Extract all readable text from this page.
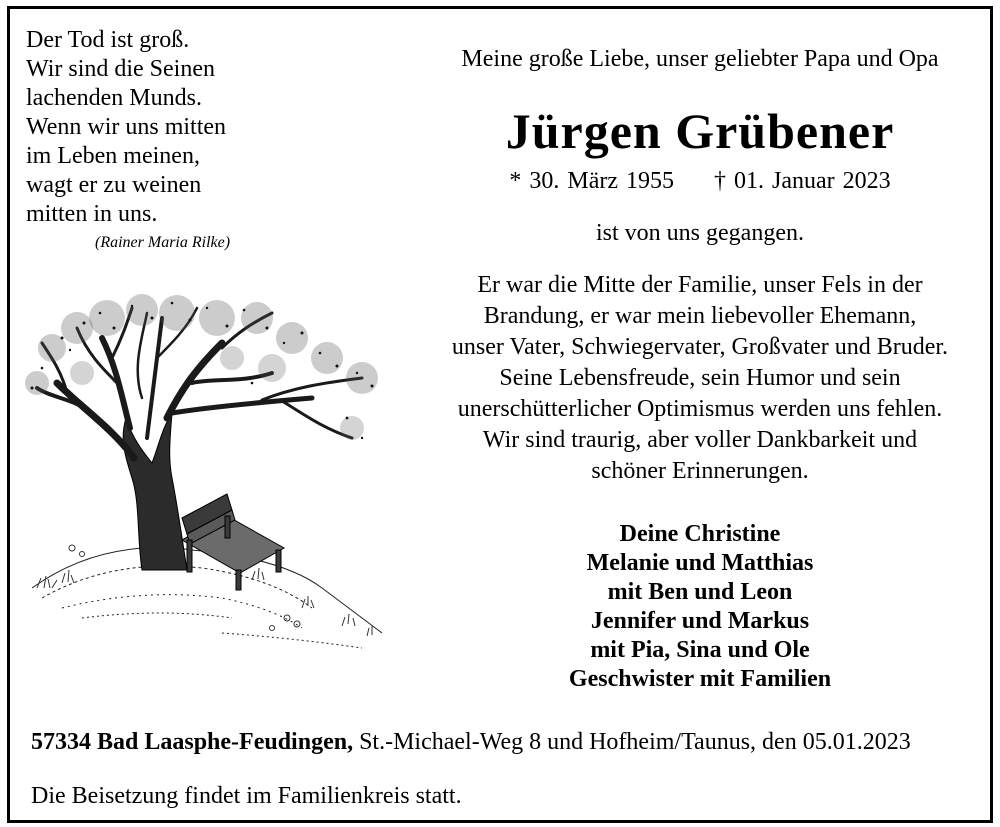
Der Tod ist groß.
Wir sind die Seinen
lachenden Munds.
Wenn wir uns mitten
im Leben meinen,
wagt er zu weinen
mitten in uns.
(Rainer Maria Rilke)
Meine große Liebe, unser geliebter Papa und Opa
Jürgen Grübener
* 30. März 1955 † 01. Januar 2023
ist von uns gegangen.
Er war die Mitte der Familie, unser Fels in der
Brandung, er war mein liebevoller Ehemann,
unser Vater, Schwiegervater, Großvater und Bruder.
Seine Lebensfreude, sein Humor und sein
unerschütterlicher Optimismus werden uns fehlen.
Wir sind traurig, aber voller Dankbarkeit und
schöner Erinnerungen.
Deine Christine
Melanie und Matthias
mit Ben und Leon
Jennifer und Markus
mit Pia, Sina und Ole
Geschwister mit Familien
57334 Bad Laasphe-Feudingen, St.-Michael-Weg 8 und Hofheim/Taunus, den 05.01.2023
Die Beisetzung findet im Familienkreis statt.
